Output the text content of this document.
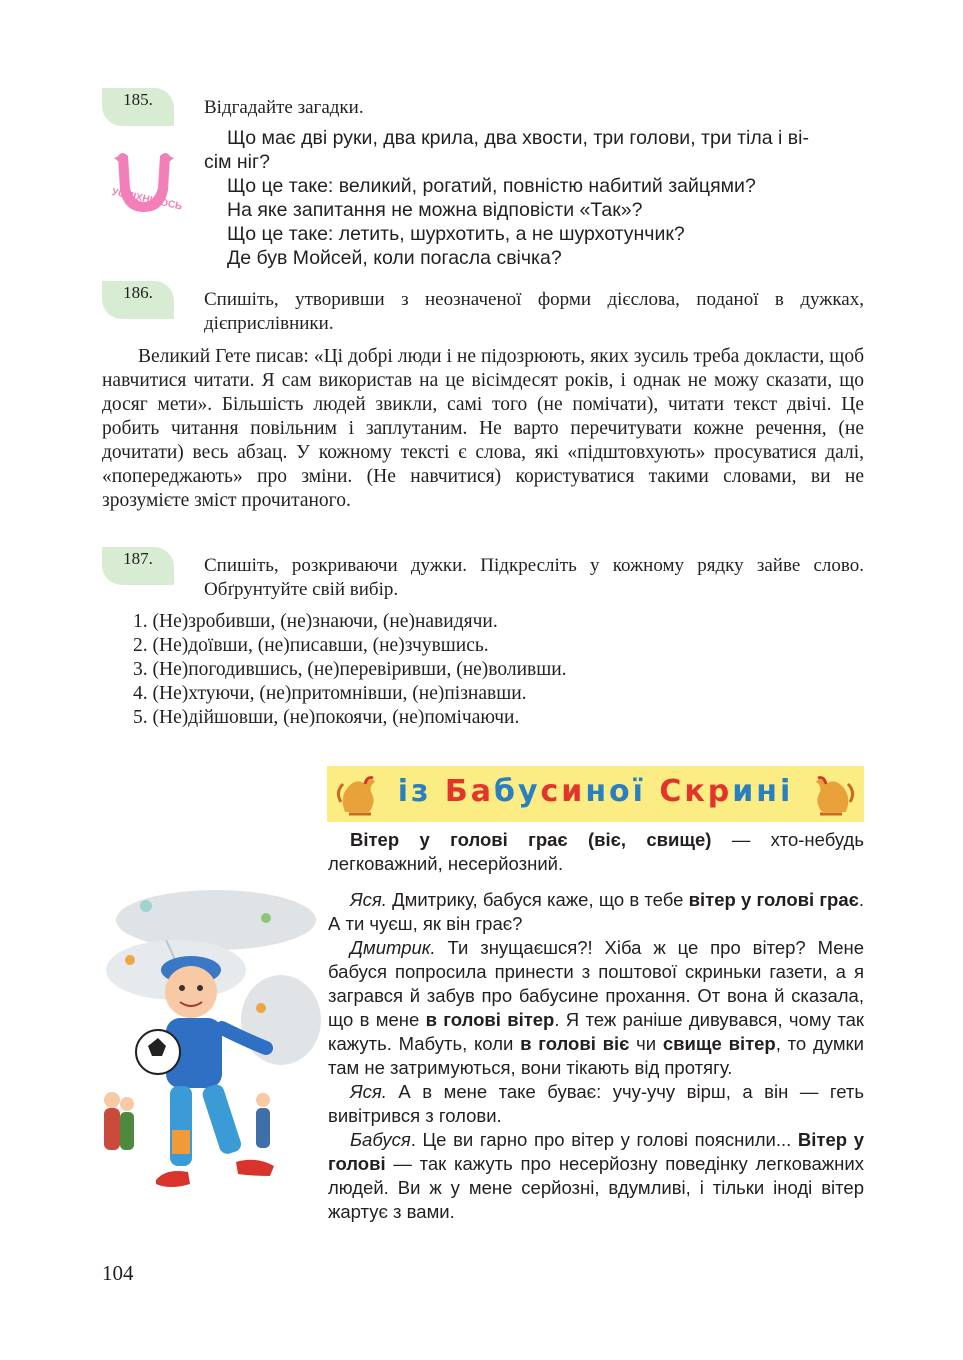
185.	Відгадайте загадки.
УСМІХНІМОСЬ
Що має дві руки, два крила, два хвости, три голови, три тіла і ві-
сім ніг?
Що це таке: великий, рогатий, повністю набитий зайцями?
На яке запитання не можна відповісти «Так»?
Що це таке: летить, шурхотить, а не шурхотунчик?
Де був Мойсей, коли погасла свічка?
186.	Спишіть, утворивши з неозначеної форми дієслова, поданої в дужках, дієприслівники.

Великий Гете писав: «Ці добрі люди і не підозрюють, яких зусиль треба докласти, щоб навчитися читати. Я сам використав на це вісімдесят років, і однак не можу сказати, що досяг мети». Більшість людей звикли, самі того (не помічати), читати текст двічі. Це робить читання повільним і заплутаним. Не варто перечитувати кожне речення, (не дочитати) весь абзац. У кожному тексті є слова, які «підштовхують» просуватися далі, «попереджають» про зміни. (Не навчитися) користуватися такими словами, ви не зрозумієте зміст прочитаного.

187.	Спишіть, розкриваючи дужки. Підкресліть у кожному рядку зайве слово. Обґрунтуйте свій вибір.
1. (Не)зробивши, (не)знаючи, (не)навидячи.
2. (Не)доївши, (не)писавши, (не)зчувшись.
3. (Не)погодившись, (не)перевіривши, (не)воливши.
4. (Не)хтуючи, (не)притомнівши, (не)пізнавши.
5. (Не)дійшовши, (не)покоячи, (не)помічаючи.
із Бабусиної Скрині

Вітер у голові грає (віє, свище) — хто-небудь легковажний, несерйозний.

Яся. Дмитрику, бабуся каже, що в тебе вітер у голові грає. А ти чуєш, як він грає?

Дмитрик. Ти знущаєшся?! Хіба ж це про вітер? Мене бабуся попросила принести з поштової скриньки газети, а я загрався й забув про бабусине прохання. От вона й сказала, що в мене в голові вітер. Я теж раніше дивувався, чому так кажуть. Мабуть, коли в голові віє чи свище вітер, то думки там не затримуються, вони тікають від протягу.

Яся. А в мене таке буває: учу-учу вірш, а він — геть вивітрився з голови.

Бабуся. Це ви гарно про вітер у голові пояснили... Вітер у голові — так кажуть про несерйозну поведінку легковажних людей. Ви ж у мене серйозні, вдумливі, і тільки іноді вітер жартує з вами.

104
